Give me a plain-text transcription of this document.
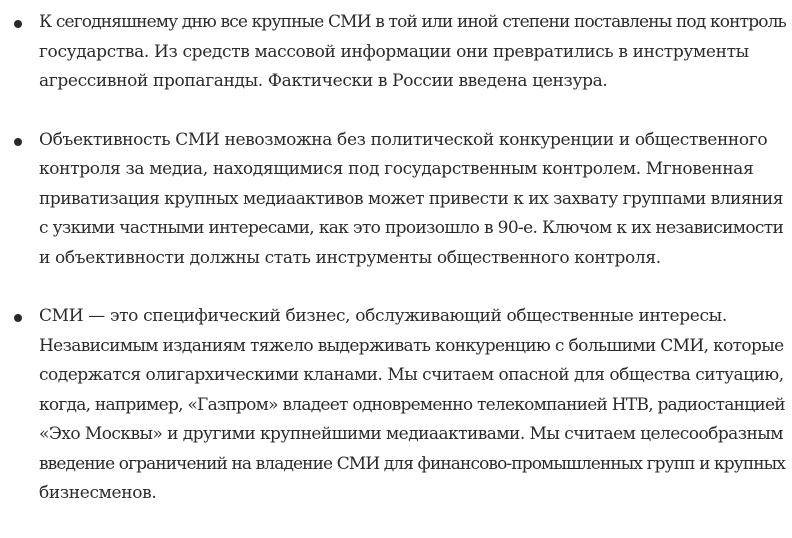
К сегодняшнему дню все крупные СМИ в той или иной степени поставлены под контроль
государства. Из средств массовой информации они превратились в инструменты
агрессивной пропаганды. Фактически в России введена цензура.
Объективность СМИ невозможна без политической конкуренции и общественного
контроля за медиа, находящимися под государственным контролем. Мгновенная
приватизация крупных медиаактивов может привести к их захвату группами влияния
с узкими частными интересами, как это произошло в 90-е. Ключом к их независимости
и объективности должны стать инструменты общественного контроля.
СМИ — это специфический бизнес, обслуживающий общественные интересы.
Независимым изданиям тяжело выдерживать конкуренцию с большими СМИ, которые
содержатся олигархическими кланами. Мы считаем опасной для общества ситуацию,
когда, например, «Газпром» владеет одновременно телекомпанией НТВ, радиостанцией
«Эхо Москвы» и другими крупнейшими медиаактивами. Мы считаем целесообразным
введение ограничений на владение СМИ для финансово-промышленных групп и крупных
бизнесменов.
